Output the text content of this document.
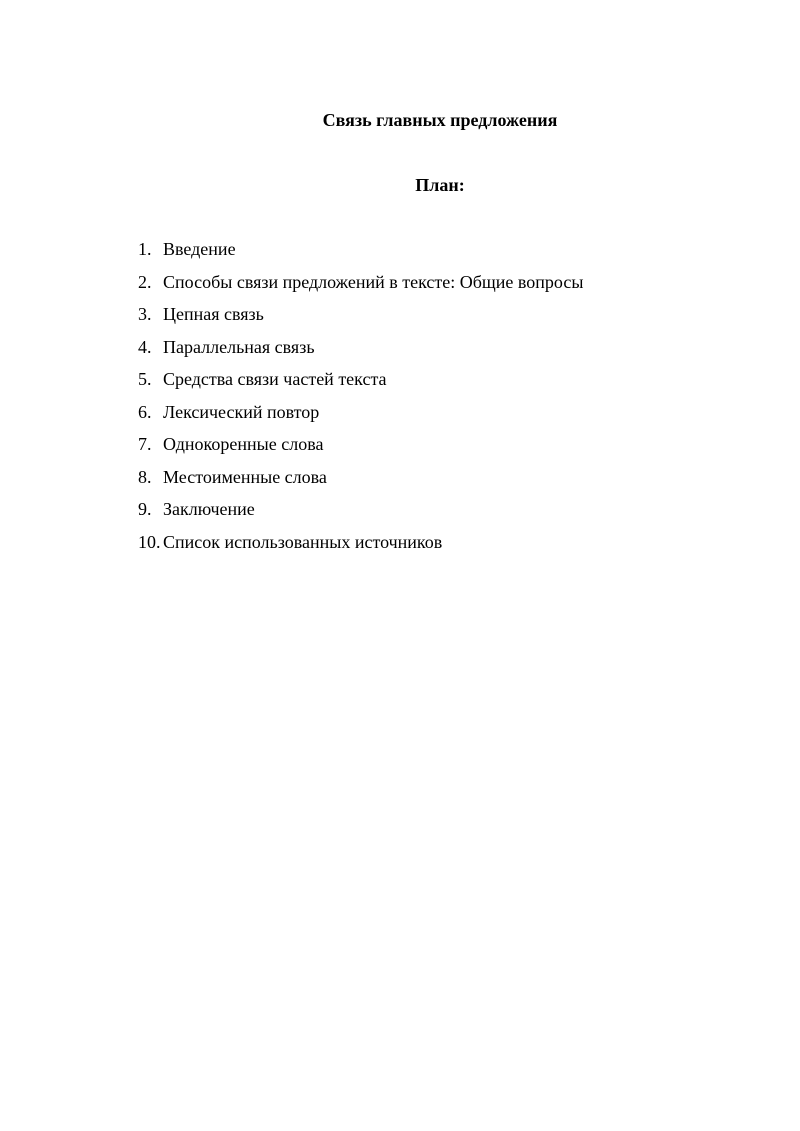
Связь главных предложения
План:
1. Введение
2. Способы связи предложений в тексте: Общие вопросы
3. Цепная связь
4. Параллельная связь
5. Средства связи частей текста
6. Лексический повтор
7. Однокоренные слова
8. Местоименные слова
9. Заключение
10. Список использованных источников
